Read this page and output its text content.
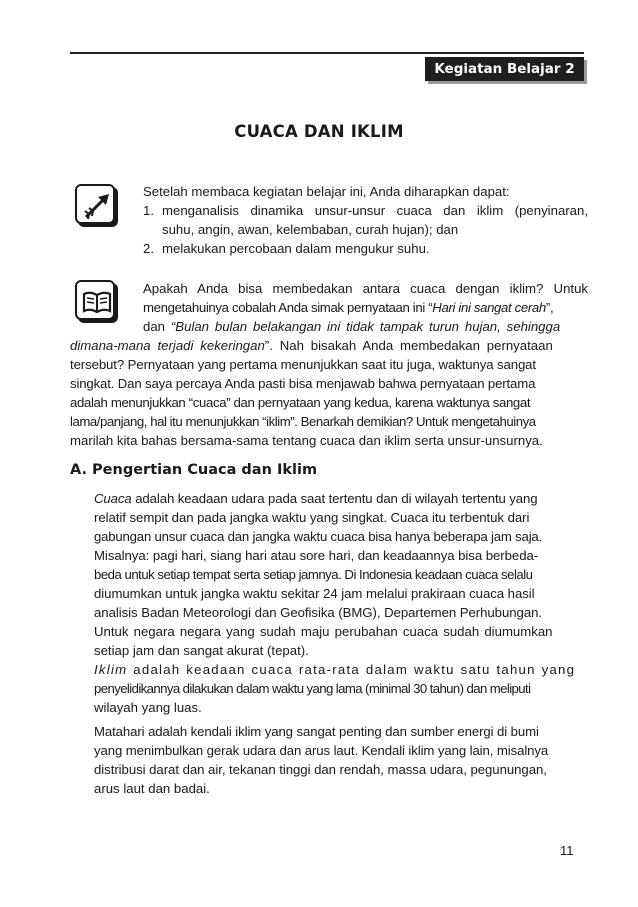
Kegiatan Belajar 2
CUACA DAN IKLIM
Setelah membaca kegiatan belajar ini, Anda diharapkan dapat:
1. menganalisis dinamika unsur-unsur cuaca dan iklim (penyinaran,
suhu, angin, awan, kelembaban, curah hujan); dan
2. melakukan percobaan dalam mengukur suhu.
Apakah Anda bisa membedakan antara cuaca dengan iklim? Untuk
mengetahuinya cobalah Anda simak pernyataan ini “Hari ini sangat cerah”,
dan “Bulan bulan belakangan ini tidak tampak turun hujan, sehingga
dimana-mana terjadi kekeringan”. Nah bisakah Anda membedakan pernyataan
tersebut? Pernyataan yang pertama menunjukkan saat itu juga, waktunya sangat
singkat. Dan saya percaya Anda pasti bisa menjawab bahwa pernyataan pertama
adalah menunjukkan “cuaca” dan pernyataan yang kedua, karena waktunya sangat
lama/panjang, hal itu menunjukkan “iklim”. Benarkah demikian? Untuk mengetahuinya
marilah kita bahas bersama-sama tentang cuaca dan iklim serta unsur-unsurnya.
A. Pengertian Cuaca dan Iklim
Cuaca adalah keadaan udara pada saat tertentu dan di wilayah tertentu yang
relatif sempit dan pada jangka waktu yang singkat. Cuaca itu terbentuk dari
gabungan unsur cuaca dan jangka waktu cuaca bisa hanya beberapa jam saja.
Misalnya: pagi hari, siang hari atau sore hari, dan keadaannya bisa berbeda-
beda untuk setiap tempat serta setiap jamnya. Di Indonesia keadaan cuaca selalu
diumumkan untuk jangka waktu sekitar 24 jam melalui prakiraan cuaca hasil
analisis Badan Meteorologi dan Geofisika (BMG), Departemen Perhubungan.
Untuk negara negara yang sudah maju perubahan cuaca sudah diumumkan
setiap jam dan sangat akurat (tepat).
Iklim adalah keadaan cuaca rata-rata dalam waktu satu tahun yang
penyelidikannya dilakukan dalam waktu yang lama (minimal 30 tahun) dan meliputi
wilayah yang luas.
Matahari adalah kendali iklim yang sangat penting dan sumber energi di bumi
yang menimbulkan gerak udara dan arus laut. Kendali iklim yang lain, misalnya
distribusi darat dan air, tekanan tinggi dan rendah, massa udara, pegunungan,
arus laut dan badai.
11
